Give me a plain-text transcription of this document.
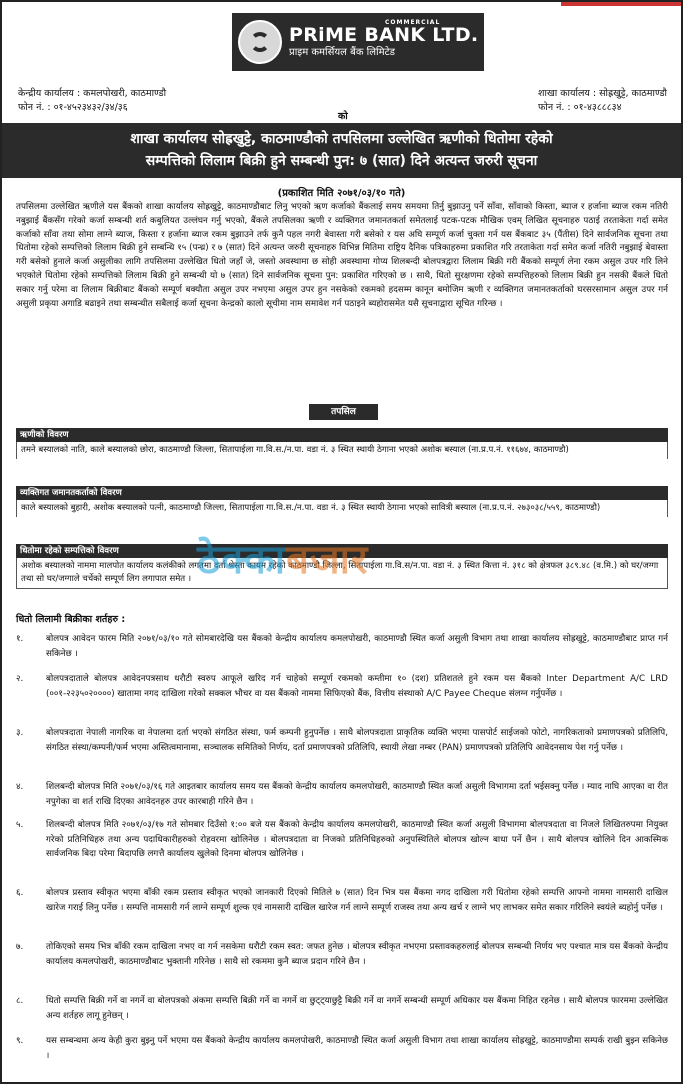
PRiME BANK LTD.
COMMERCIAL
प्राइम कमर्सियल बैंक लिमिटेड
केन्द्रीय कार्यालय : कमलपोखरी, काठमाण्डौ
फोन नं. : ०१-४५२३४३२/३४/३६
को
शाखा कार्यालय : सोह्रखुट्टे, काठमाण्डौ
फोन नं. : ०१-४३८८८३४
शाखा कार्यालय सोह्रखुट्टे, काठमाण्डौको तपसिलमा उल्लेखित ऋणीको धितोमा रहेको
सम्पत्तिको लिलाम बिक्री हुने सम्बन्धी पुन: ७ (सात) दिने अत्यन्त जरुरी सूचना
(प्रकाशित मिति २०७१/०३/१० गते)
तपसिलमा उल्लेखित ऋणीले यस बैंकको शाखा कार्यालय सोह्रखुट्टे, काठमाण्डौबाट लिनु भएको ऋण कर्जाको बैंकलाई समय समयमा तिर्नु बुझाउनु पर्ने साँवा, साँवाको किस्ता, ब्याज र हर्जाना ब्याज रकम नतिरी नबुझाई बैंकसँग गरेको कर्जा सम्बन्धी शर्त कबुलियत उल्लंघन गर्नु भएको, बैंकले तपसिलका ऋणी र व्यक्तिगत जमानतकर्ता समेतलाई पटक-पटक मौखिक एवम् लिखित सूचनाहरु पठाई तरताकेता गर्दा समेत कर्जाको साँवा तथा सोमा लाग्ने ब्याज, किस्ता र हर्जाना ब्याज रकम बुझाउने तर्फ कुनै पहल नगरी बेवास्ता गरी बसेको र यस अघि सम्पूर्ण कर्जा चुक्ता गर्न यस बैंकबाट ३५ (पैंतीस) दिने सार्वजनिक सूचना तथा धितोमा रहेको सम्पत्तिको लिलाम बिक्री हुने सम्बन्धि १५ (पन्ध्र) र ७ (सात) दिने अत्यन्त जरुरी सूचनाहरु विभिन्न मितिमा राष्ट्रिय दैनिक पत्रिकाहरुमा प्रकाशित गरि तरताकेता गर्दा समेत कर्जा नतिरी नबुझाई बेवास्ता गरी बसेको हुनाले कर्जा असुलीका लागि तपसिलमा उल्लेखित धितो जहाँ जे, जस्तो अवस्थामा छ सोही अवस्थामा गोप्य शिलबन्दी बोलपत्रद्वारा लिलाम बिक्री गरी बैंकको सम्पूर्ण लेना रकम असुल उपर गरि लिने भएकोले धितोमा रहेको सम्पत्तिको लिलाम बिक्री हुने सम्बन्धी यो ७ (सात) दिने सार्वजनिक सूचना पुन: प्रकाशित गरिएको छ । साथै, धितो सुरक्षणमा रहेको सम्पत्तिहरुको लिलाम बिक्री हुन नसकी बैंकले धितो सकार गर्नु परेमा वा लिलाम बिक्रीबाट बैंकको सम्पूर्ण बक्यौता असुल उपर नभएमा असुल उपर हुन नसकेको रकमको हदसम्म कानून बमोजिम ऋणी र व्यक्तिगत जमानतकर्ताको घरसरसामान असुल उपर गर्न असुली प्रकृया अगाडि बढाइने तथा सम्बन्धीत सबैलाई कर्जा सूचना केन्द्रको कालो सूचीमा नाम समावेश गर्न पठाइने ब्यहोरासमेत यसै सूचनाद्वारा सूचित गरिन्छ ।
तपसिल
ऋणीको विवरण
तमने बस्यालको नाति, काले बस्यालको छोरा, काठमाण्डौ जिल्ला, सितापाईला गा.वि.स./न.पा. वडा नं. ३ स्थित स्थायी ठेगाना भएको अशोक बस्याल (ना.प्र.प.नं. ११६७४, काठमाण्डौ)
व्यक्तिगत जमानतकर्ताको विवरण
काले बस्यालको बुहारी, अशोक बस्यालको पत्नी, काठमाण्डौ जिल्ला, सितापाईला गा.वि.स./न.पा. वडा नं. ३ स्थित स्थायी ठेगाना भएको सावित्री बस्याल (ना.प्र.प.नं. २७३०३८/५५९, काठमाण्डौ)
धितोमा रहेको सम्पत्तिको विवरण
अशोक बस्यालको नाममा मालपोत कार्यालय कलंकीको लगतमा दर्ता श्रेस्ता कायम रहेको काठमाण्डौ जिल्ला, सितापाईला गा.वि.स/न.पा. वडा नं. ३ स्थित कित्ता नं. ३१८ को क्षेत्रफल ३८९.४८ (व.मि.) को घर/जग्गा तथा सो घर/जग्गाले चर्चेको सम्पूर्ण लिग लगापात समेत । ठेक्काबजार
धितो लिलामी बिक्रीका शर्तहरु :
१.	बोलपत्र आवेदन फारम मिति २०७१/०३/१० गते सोमबारदेखि यस बैंकको केन्द्रीय कार्यालय कमलपोखरी, काठमाण्डौ स्थित कर्जा असुली विभाग तथा शाखा कार्यालय सोह्रखुट्टे, काठमाण्डौबाट प्राप्त गर्न सकिनेछ ।
२.	बोलपत्रदाताले बोलपत्र आवेदनपत्रसाथ धरौटी स्वरुप आफूले खरिद गर्न चाहेको सम्पूर्ण रकमको कम्तीमा १० (दश) प्रतिशतले हुने रकम यस बैंकको Inter Department A/C LRD (००१-२२३५०२००००) खातामा नगद दाखिला गरेको सक्कल भौचर वा यस बैंकको नाममा सिफिएको बैंक, वित्तीय संस्थाको A/C Payee Cheque संलग्न गर्नुपर्नेछ ।
३.	बोलपत्रदाता नेपाली नागरिक वा नेपालमा दर्ता भएको संगठित संस्था, फर्म कम्पनी हुनुपर्नेछ । साथै बोलपत्रदाता प्राकृतिक व्यक्ति भएमा पासपोर्ट साईजको फोटो, नागरिकताको प्रमाणपत्रको प्रतिलिपि, संगठित संस्था/कम्पनी/फर्म भएमा अस्तित्वमानामा, सञ्चालक समितिको निर्णय, दर्ता प्रमाणपत्रको प्रतिलिपि, स्थायी लेखा नम्बर (PAN) प्रमाणपत्रको प्रतिलिपि आवेदनसाथ पेश गर्नु पर्नेछ ।
४.	शिलबन्दी बोलपत्र मिति २०७१/०३/१६ गते आइतबार कार्यालय समय यस बैंकको केन्द्रीय कार्यालय कमलपोखरी, काठमाण्डौ स्थित कर्जा असुली विभागमा दर्ता भईसक्नु पर्नेछ । म्याद नाघि आएका वा रीत नपुगेका वा शर्त राखि दिएका आवेदनहरु उपर कारबाही गरिने छैन ।
५.	शिलबन्दी बोलपत्र मिति २०७१/०३/१७ गते सोमबार दिउँसो १:०० बजे यस बैंकको केन्द्रीय कार्यालय कमलपोखरी, काठमाण्डौ स्थित कर्जा असुली विभागमा बोलपत्रदाता वा निजले लिखितरुपमा नियुक्त गरेको प्रतिनिधिहरु तथा अन्य पदाधिकारीहरुको रोहवरमा खोलिनेछ । बोलपत्रदाता वा निजको प्रतिनिधिहरुको अनुपस्थितिले बोलपत्र खोल्न बाधा पर्ने छैन । साथै बोलपत्र खोलिने दिन आकस्मिक सार्वजनिक बिदा परेमा बिदापछि लगत्तै कार्यालय खुलेको दिनमा बोलपत्र खोलिनेछ ।
६.	बोलपत्र प्रस्ताव स्वीकृत भएमा बाँकी रकम प्रस्ताव स्वीकृत भएको जानकारी दिएको मितिले ७ (सात) दिन भित्र यस बैंकमा नगद दाखिला गरी धितोमा रहेको सम्पत्ति आफ्नो नाममा नामसारी दाखिल खारेज गराई लिनु पर्नेछ । सम्पत्ति नामसारी गर्न लाग्ने सम्पूर्ण शुल्क एवं नामसारी दाखिल खारेज गर्न लाग्ने सम्पूर्ण राजस्व तथा अन्य खर्च र लाग्ने भए लाभकर समेत सकार गरिलिने स्वयंले ब्यहोर्नु पर्नेछ ।
७.	तोकिएको समय भित्र बाँकी रकम दाखिला नभए वा गर्न नसकेमा धरौटी रकम स्वत: जफत हुनेछ । बोलपत्र स्वीकृत नभएमा प्रस्तावकहरुलाई बोलपत्र सम्बन्धी निर्णय भए पश्चात मात्र यस बैंकको केन्द्रीय कार्यालय कमलपोखरी, काठमाण्डौबाट भुक्तानी गरिनेछ । साथै सो रकममा कुनै ब्याज प्रदान गरिने छैन ।
८.	धितो सम्पत्ति बिक्री गर्ने वा नगर्ने वा बोलपत्रको अंकमा सम्पत्ति बिक्री गर्ने वा नगर्ने वा छुट्ट्याछुट्टै बिक्री गर्ने वा नगर्ने सम्बन्धी सम्पूर्ण अधिकार यस बैंकमा निहित रहनेछ । साथै बोलपत्र फारममा उल्लेखित अन्य शर्तहरु लागू हुनेछन् ।
९.	यस सम्बन्धमा अन्य केही कुरा बुझ्नु पर्ने भएमा यस बैंकको केन्द्रीय कार्यालय कमलपोखरी, काठमाण्डौ स्थित कर्जा असुली विभाग तथा शाखा कार्यालय सोह्रखुट्टे, काठमाण्डौमा सम्पर्क राखी बुझ्न सकिनेछ ।
